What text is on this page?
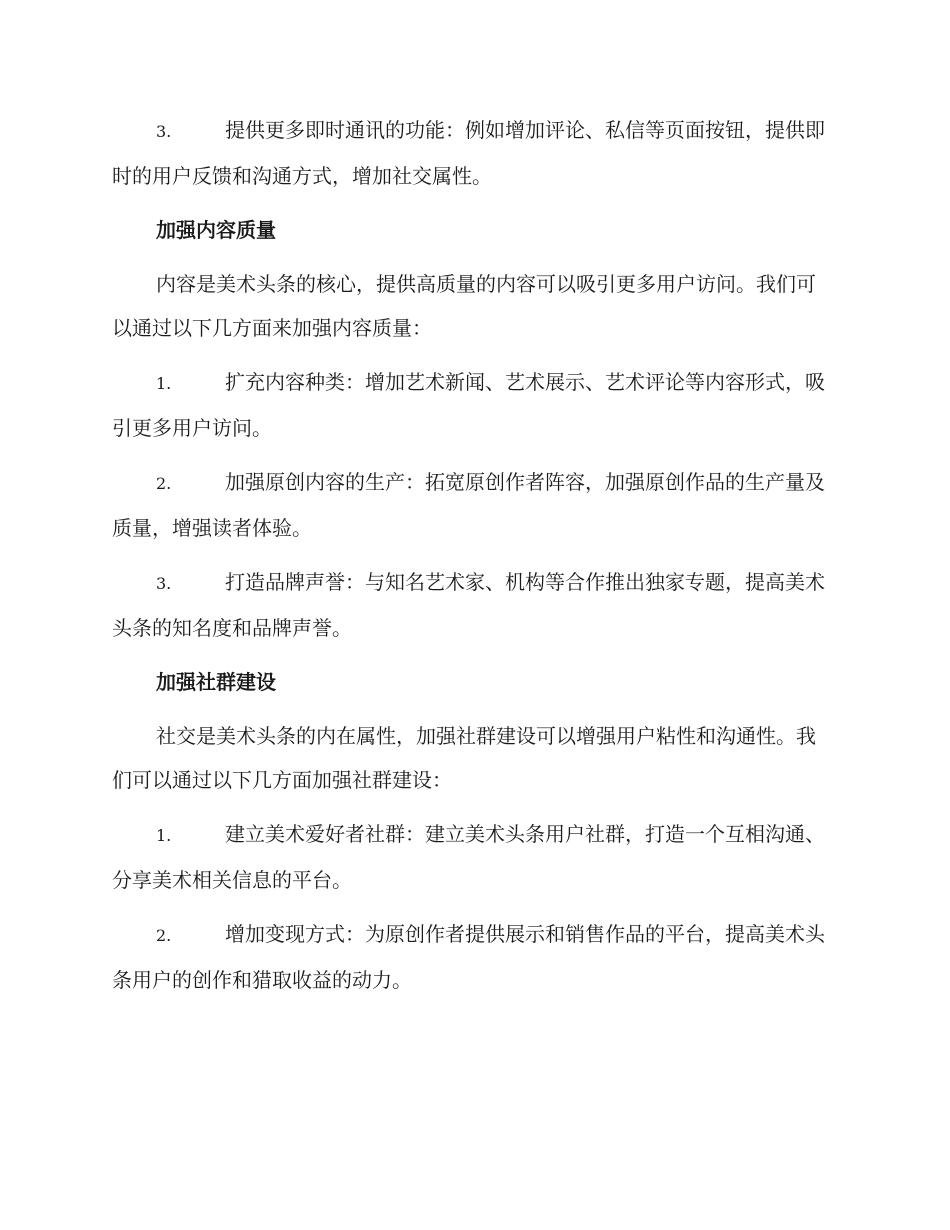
3.	提供更多即时通讯的功能：例如增加评论、私信等页面按钮，提供即时的用户反馈和沟通方式，增加社交属性。

加强内容质量

内容是美术头条的核心，提供高质量的内容可以吸引更多用户访问。我们可以通过以下几方面来加强内容质量：

1.	扩充内容种类：增加艺术新闻、艺术展示、艺术评论等内容形式，吸引更多用户访问。

2.	加强原创内容的生产：拓宽原创作者阵容，加强原创作品的生产量及质量，增强读者体验。

3.	打造品牌声誉：与知名艺术家、机构等合作推出独家专题，提高美术头条的知名度和品牌声誉。

加强社群建设

社交是美术头条的内在属性，加强社群建设可以增强用户粘性和沟通性。我们可以通过以下几方面加强社群建设：

1.	建立美术爱好者社群：建立美术头条用户社群，打造一个互相沟通、分享美术相关信息的平台。

2.	增加变现方式：为原创作者提供展示和销售作品的平台，提高美术头条用户的创作和猎取收益的动力。
